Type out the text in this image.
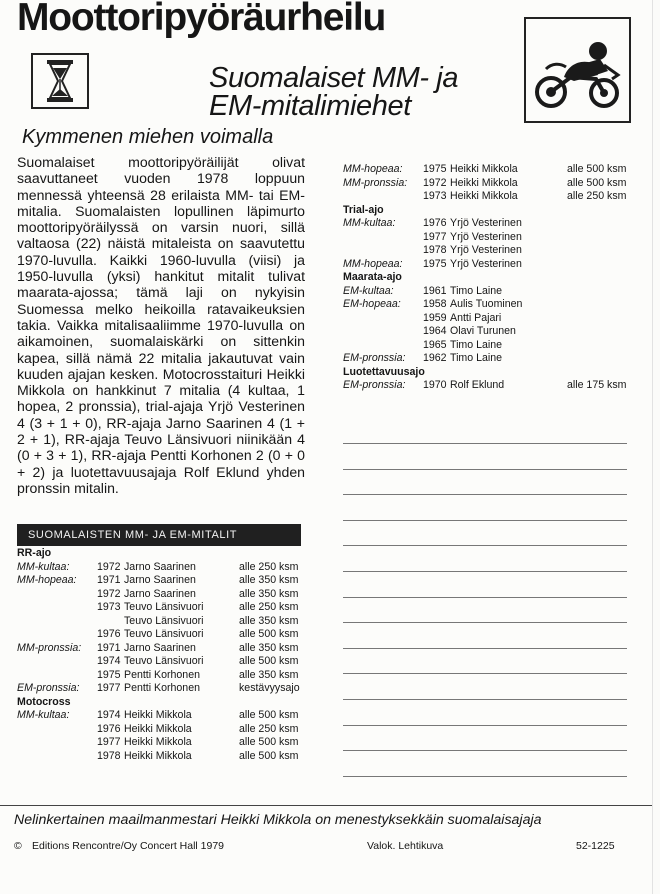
Moottoripyöräurheilu
Suomalaiset MM- ja
EM-mitalimiehet
Kymmenen miehen voimalla

Suomalaiset moottoripyöräilijät olivat saavuttaneet vuoden 1978 loppuun mennessä yhteensä 28 erilaista MM- tai EM-mitalia. Suomalaisten lopullinen läpimurto moottoripyöräilyssä on varsin nuori, sillä valtaosa (22) näistä mitaleista on saavutettu 1970-luvulla. Kaikki 1960-luvulla (viisi) ja 1950-luvulla (yksi) hankitut mitalit tulivat maarata-ajossa; tämä laji on nykyisin Suomessa melko heikoilla ratavaikeuksien takia. Vaikka mitalisaaliimme 1970-luvulla on aikamoinen, suomalaiskärki on sittenkin kapea, sillä nämä 22 mitalia jakautuvat vain kuuden ajajan kesken. Motocrosstaituri Heikki Mikkola on hankkinut 7 mitalia (4 kultaa, 1 hopea, 2 pronssia), trial-ajaja Yrjö Vesterinen 4 (3 + 1 + 0), RR-ajaja Jarno Saarinen 4 (1 + 2 + 1), RR-ajaja Teuvo Länsivuori niinikään 4 (0 + 3 + 1), RR-ajaja Pentti Korhonen 2 (0 + 0 + 2) ja luotettavuusajaja Rolf Eklund yhden pronssin mitalin.

SUOMALAISTEN MM- JA EM-MITALIT
RR-ajo
MM-kultaa:	1972 Jarno Saarinen	alle 250 ksm
MM-hopeaa: 1971 Jarno Saarinen	alle 350 ksm
1972 Jarno Saarinen	alle 350 ksm
1973 Teuvo Länsivuori	alle 250 ksm
Teuvo Länsivuori	alle 350 ksm
1976 Teuvo Länsivuori	alle 500 ksm
MM-pronssia: 1971 Jarno Saarinen	alle 350 ksm
1974 Teuvo Länsivuori	alle 500 ksm
1975 Pentti Korhonen	alle 350 ksm
EM-pronssia: 1977 Pentti Korhonen	kestävyysajo
Motocross
MM-kultaa:	1974 Heikki Mikkola	alle 500 ksm
1976 Heikki Mikkola	alle 250 ksm
1977 Heikki Mikkola	alle 500 ksm
1978 Heikki Mikkola	alle 500 ksm
MM-hopeaa: 1975 Heikki Mikkola	alle 500 ksm
MM-pronssia: 1972 Heikki Mikkola	alle 500 ksm
1973 Heikki Mikkola	alle 250 ksm
Trial-ajo
MM-kultaa:	1976 Yrjö Vesterinen
1977 Yrjö Vesterinen
1978 Yrjö Vesterinen
MM-hopeaa: 1975 Yrjö Vesterinen
Maarata-ajo
EM-kultaa:	1961 Timo Laine
EM-hopeaa: 1958 Aulis Tuominen
1959 Antti Pajari
1964 Olavi Turunen
1965 Timo Laine
EM-pronssia: 1962 Timo Laine
Luotettavuusajo
EM-pronssia: 1970 Rolf Eklund	alle 175 ksm
Nelinkertainen maailmanmestari Heikki Mikkola on menestyksekkäin suomalaisajaja
© Editions Rencontre/Oy Concert Hall 1979	Valok. Lehtikuva	52-1225
